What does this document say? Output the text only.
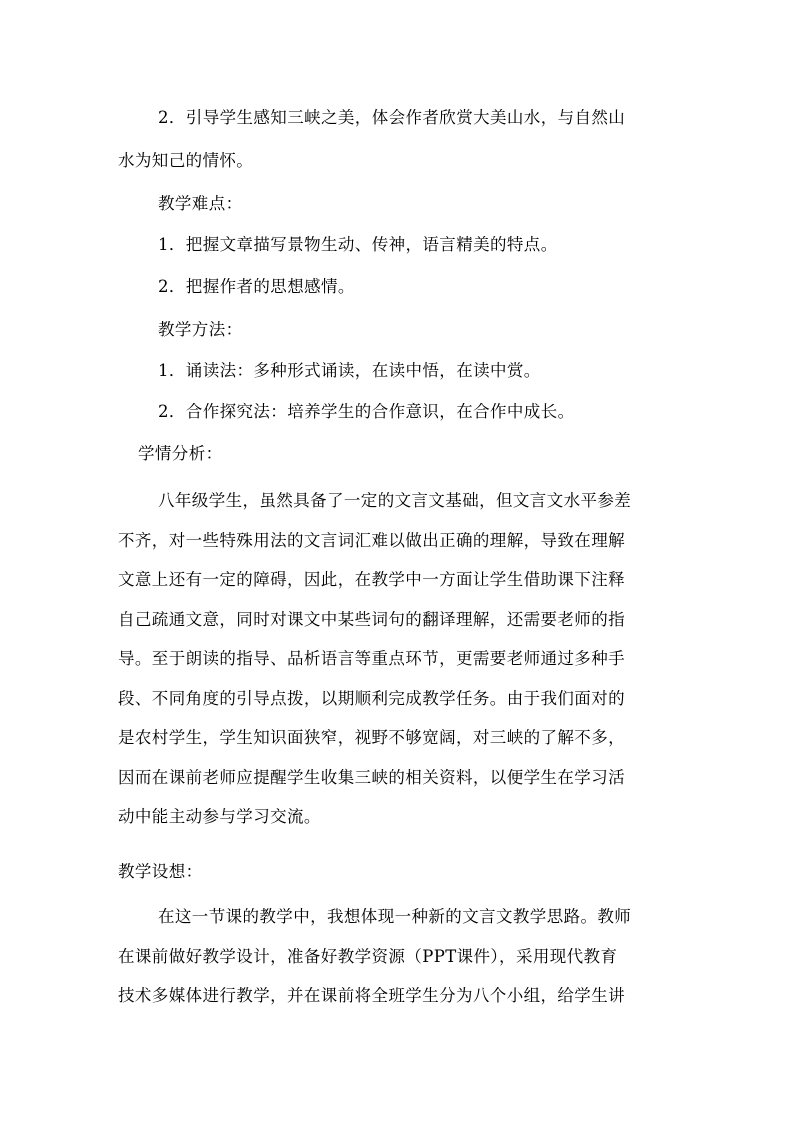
2．引导学生感知三峡之美，体会作者欣赏大美山水，与自然山
水为知己的情怀。
教学难点：
1．把握文章描写景物生动、传神，语言精美的特点。
2．把握作者的思想感情。
教学方法：
1．诵读法：多种形式诵读，在读中悟，在读中赏。
2．合作探究法：培养学生的合作意识，在合作中成长。
学情分析：
八年级学生，虽然具备了一定的文言文基础，但文言文水平参差
不齐，对一些特殊用法的文言词汇难以做出正确的理解，导致在理解
文意上还有一定的障碍，因此，在教学中一方面让学生借助课下注释
自己疏通文意，同时对课文中某些词句的翻译理解，还需要老师的指
导。至于朗读的指导、品析语言等重点环节，更需要老师通过多种手
段、不同角度的引导点拨，以期顺利完成教学任务。由于我们面对的
是农村学生，学生知识面狭窄，视野不够宽阔，对三峡的了解不多，
因而在课前老师应提醒学生收集三峡的相关资料，以便学生在学习活
动中能主动参与学习交流。
教学设想：
在这一节课的教学中，我想体现一种新的文言文教学思路。教师
在课前做好教学设计，准备好教学资源（PPT课件），采用现代教育
技术多媒体进行教学，并在课前将全班学生分为八个小组，给学生讲
